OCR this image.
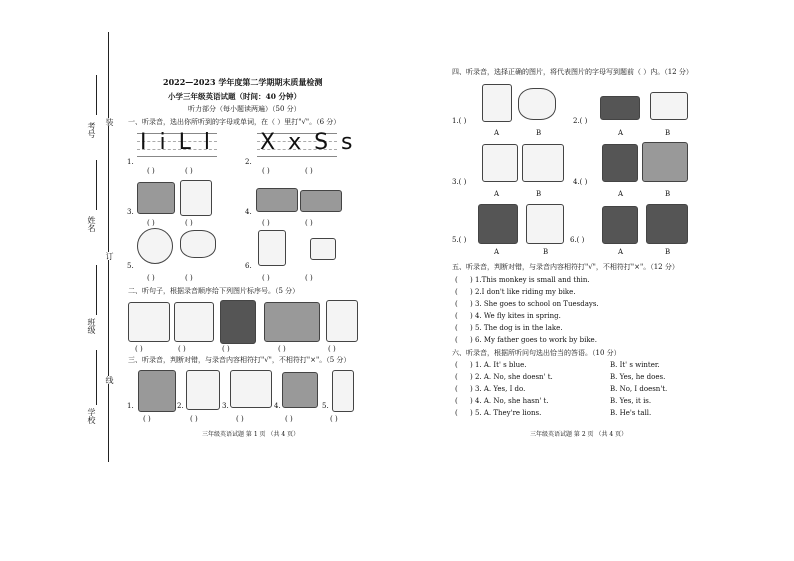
考号
姓名
班级
学校
装
订
线
2022—2023 学年度第二学期期末质量检测
小学三年级英语试题（时间：40 分钟）
听力部分（每小题读两遍）（50 分）
一、听录音，选出你所听到的字母或单词，在（ ）里打"√"。（6 分）
I i L l X x S s
1.	2.
( )	( )	( )	( )
3.	4.
( )	( )	( )	( )
5.	6.
( )	( )	( )	( )
二、听句子，根据录音顺序给下列图片标序号。（5 分）
( )	( )	( )	( )	( )
三、听录音，判断对错，与录音内容相符打"√"，不相符打"×"。（5 分）
1.	2.	3.	4.	5.
( )	( )	( )	( )	( )
三年级英语试题 第 1 页 （共 4 页）
四、听录音，选择正确的图片，将代表图片的字母写到题前（ ）内。（12 分）
1.( )	2.( )
A	B	A	B
3.( )	4.( )
A	B	A	B
5.( )	6.( )
A	B	A	B
五、听录音，判断对错，与录音内容相符打"√"，不相符打"×"。（12 分）
( ) 1.This monkey is small and thin.
( ) 2.I don't like riding my bike.
( ) 3. She goes to school on Tuesdays.
( ) 4. We fly kites in spring.
( ) 5. The dog is in the lake.
( ) 6. My father goes to work by bike.
六、听录音，根据所听问句选出恰当的答语。（10 分）
( ) 1. A. It' s blue.	B. It' s winter.
( ) 2. A. No, she doesn' t.	B. Yes, he does.
( ) 3. A. Yes, I do.	B. No, I doesn't.
( ) 4. A. No, she hasn' t.	B. Yes, it is.
( ) 5. A. They're lions.	B. He's tall.
三年级英语试题 第 2 页 （共 4 页）
